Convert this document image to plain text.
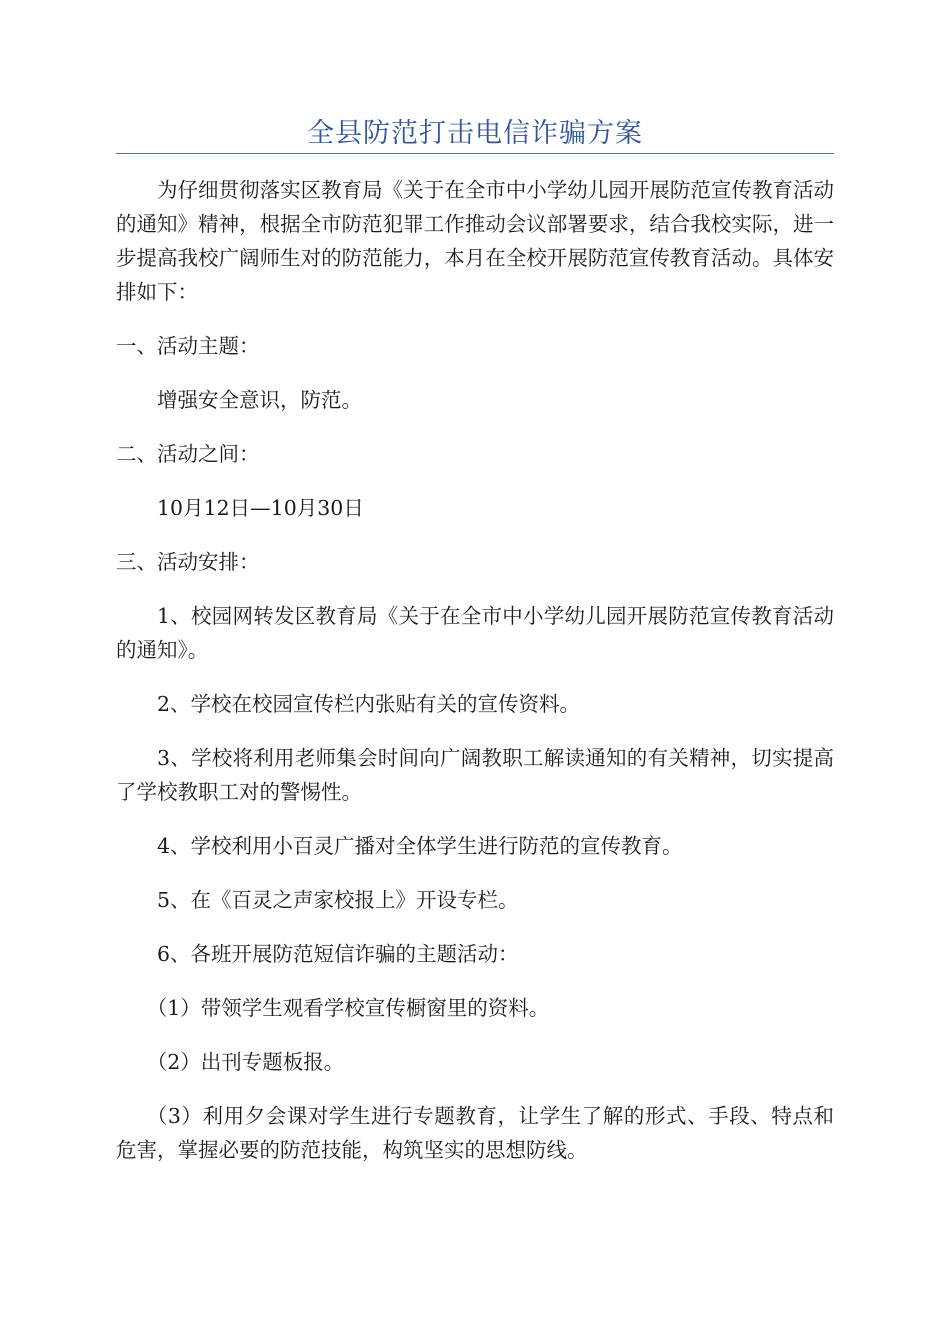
全县防范打击电信诈骗方案

为仔细贯彻落实区教育局《关于在全市中小学幼儿园开展防范宣传教育活动的通知》精神，根据全市防范犯罪工作推动会议部署要求，结合我校实际，进一步提高我校广阔师生对的防范能力，本月在全校开展防范宣传教育活动。具体安排如下：

一、活动主题：

增强安全意识，防范。

二、活动之间：

10月12日—10月30日

三、活动安排：

1、校园网转发区教育局《关于在全市中小学幼儿园开展防范宣传教育活动的通知》。

2、学校在校园宣传栏内张贴有关的宣传资料。

3、学校将利用老师集会时间向广阔教职工解读通知的有关精神，切实提高了学校教职工对的警惕性。

4、学校利用小百灵广播对全体学生进行防范的宣传教育。

5、在《百灵之声家校报上》开设专栏。

6、各班开展防范短信诈骗的主题活动：

（1）带领学生观看学校宣传橱窗里的资料。

（2）出刊专题板报。

（3）利用夕会课对学生进行专题教育，让学生了解的形式、手段、特点和危害，掌握必要的防范技能，构筑坚实的思想防线。
